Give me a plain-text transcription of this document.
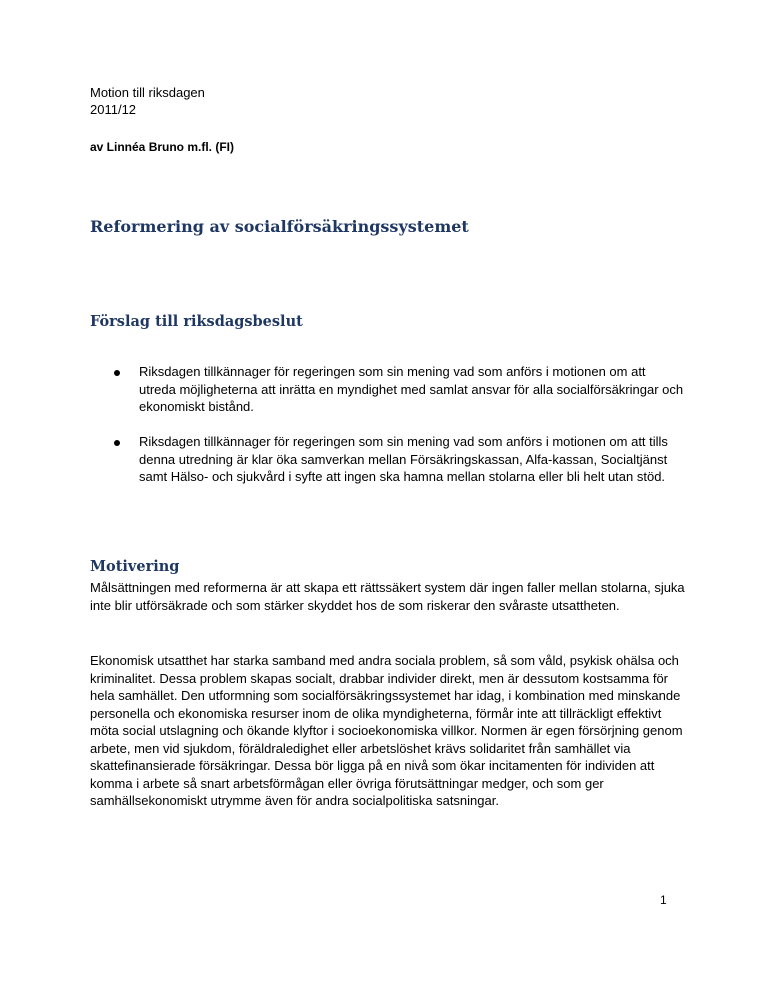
Motion till riksdagen
2011/12
av Linnéa Bruno m.fl. (FI)
Reformering av socialförsäkringssystemet
Förslag till riksdagsbeslut
Riksdagen tillkännager för regeringen som sin mening vad som anförs i motionen om att utreda möjligheterna att inrätta en myndighet med samlat ansvar för alla socialförsäkringar och ekonomiskt bistånd.
Riksdagen tillkännager för regeringen som sin mening vad som anförs i motionen om att tills denna utredning är klar öka samverkan mellan Försäkringskassan, Alfa-kassan, Socialtjänst samt Hälso- och sjukvård i syfte att ingen ska hamna mellan stolarna eller bli helt utan stöd.
Motivering

Målsättningen med reformerna är att skapa ett rättssäkert system där ingen faller mellan stolarna, sjuka inte blir utförsäkrade och som stärker skyddet hos de som riskerar den svåraste utsattheten.

Ekonomisk utsatthet har starka samband med andra sociala problem, så som våld, psykisk ohälsa och kriminalitet. Dessa problem skapas socialt, drabbar individer direkt, men är dessutom kostsamma för hela samhället. Den utformning som socialförsäkringssystemet har idag, i kombination med minskande personella och ekonomiska resurser inom de olika myndigheterna, förmår inte att tillräckligt effektivt möta social utslagning och ökande klyftor i socioekonomiska villkor. Normen är egen försörjning genom arbete, men vid sjukdom, föräldraledighet eller arbetslöshet krävs solidaritet från samhället via skattefinansierade försäkringar. Dessa bör ligga på en nivå som ökar incitamenten för individen att komma i arbete så snart arbetsförmågan eller övriga förutsättningar medger, och som ger samhällsekonomiskt utrymme även för andra socialpolitiska satsningar.

1
